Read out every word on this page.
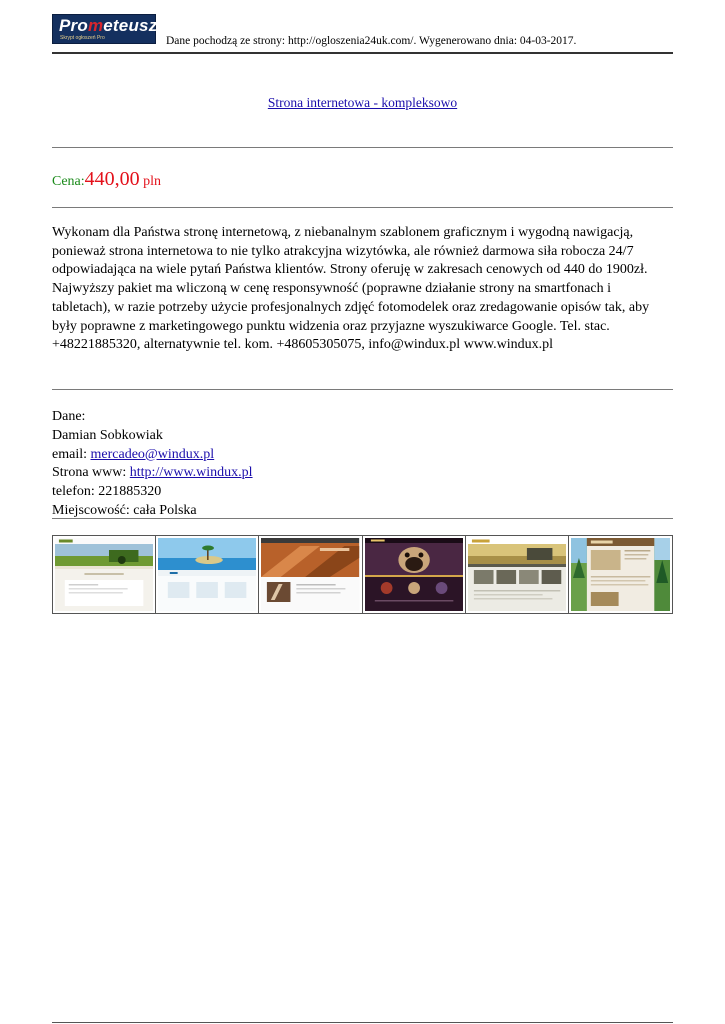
Prometeusz
Skrypt ogłoszeń Pro	Dane pochodzą ze strony: http://ogloszenia24uk.com/. Wygenerowano dnia: 04-03-2017.
Strona internetowa - kompleksowo
Cena:440,00 pln
Wykonam dla Państwa stronę internetową, z niebanalnym szablonem graficznym i wygodną nawigacją, ponieważ strona internetowa to nie tylko atrakcyjna wizytówka, ale również darmowa siła robocza 24/7 odpowiadająca na wiele pytań Państwa klientów. Strony oferuję w zakresach cenowych od 440 do 1900zł. Najwyższy pakiet ma wliczoną w cenę responsywność (poprawne działanie strony na smartfonach i tabletach), w razie potrzeby użycie profesjonalnych zdjęć fotomodelek oraz zredagowanie opisów tak, aby były poprawne z marketingowego punktu widzenia oraz przyjazne wyszukiwarce Google. Tel. stac. +48221885320, alternatywnie tel. kom. +48605305075, info@windux.pl www.windux.pl
Dane:
Damian Sobkowiak
email: mercadeo@windux.pl
Strona www: http://www.windux.pl
telefon: 221885320
Miejscowość: cała Polska
